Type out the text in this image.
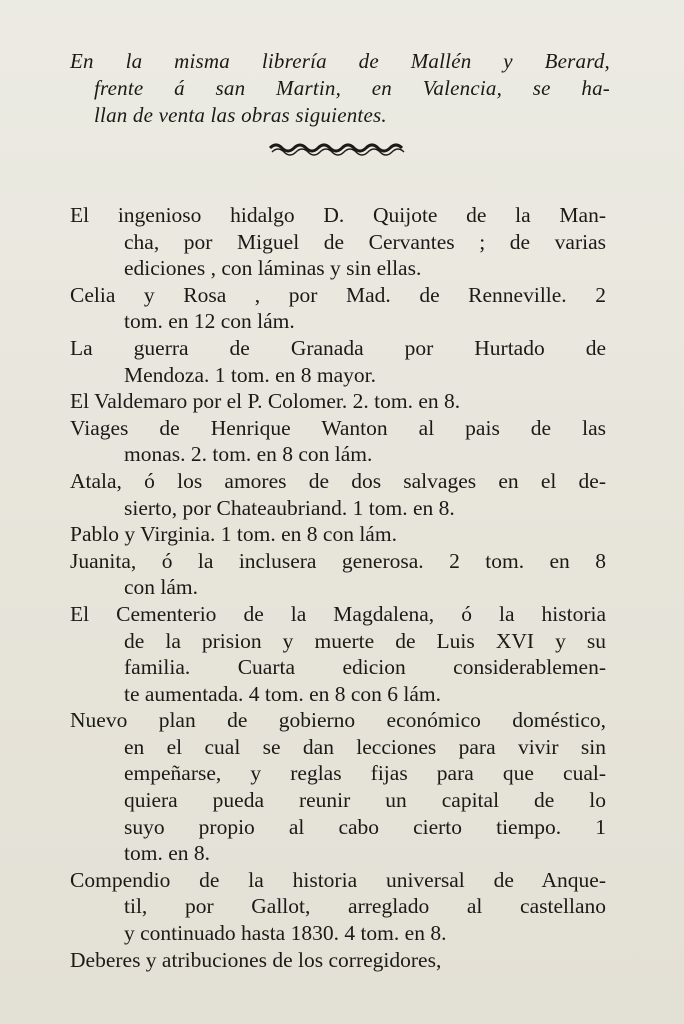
En la misma librería de Mallén y Berard,
frente á san Martin, en Valencia, se ha-
llan de venta las obras siguientes.
El ingenioso hidalgo D. Quijote de la Man-
cha, por Miguel de Cervantes ; de varias
ediciones , con láminas y sin ellas.
Celia y Rosa , por Mad. de Renneville. 2
tom. en 12 con lám.
La guerra de Granada por Hurtado de
Mendoza. 1 tom. en 8 mayor.
El Valdemaro por el P. Colomer. 2. tom. en 8.
Viages de Henrique Wanton al pais de las
monas. 2. tom. en 8 con lám.
Atala, ó los amores de dos salvages en el de-
sierto, por Chateaubriand. 1 tom. en 8.
Pablo y Virginia. 1 tom. en 8 con lám.
Juanita, ó la inclusera generosa. 2 tom. en 8
con lám.
El Cementerio de la Magdalena, ó la historia
de la prision y muerte de Luis XVI y su
familia. Cuarta edicion considerablemen-
te aumentada. 4 tom. en 8 con 6 lám.
Nuevo plan de gobierno económico doméstico,
en el cual se dan lecciones para vivir sin
empeñarse, y reglas fijas para que cual-
quiera pueda reunir un capital de lo
suyo propio al cabo cierto tiempo. 1
tom. en 8.
Compendio de la historia universal de Anque-
til, por Gallot, arreglado al castellano
y continuado hasta 1830. 4 tom. en 8.
Deberes y atribuciones de los corregidores,
